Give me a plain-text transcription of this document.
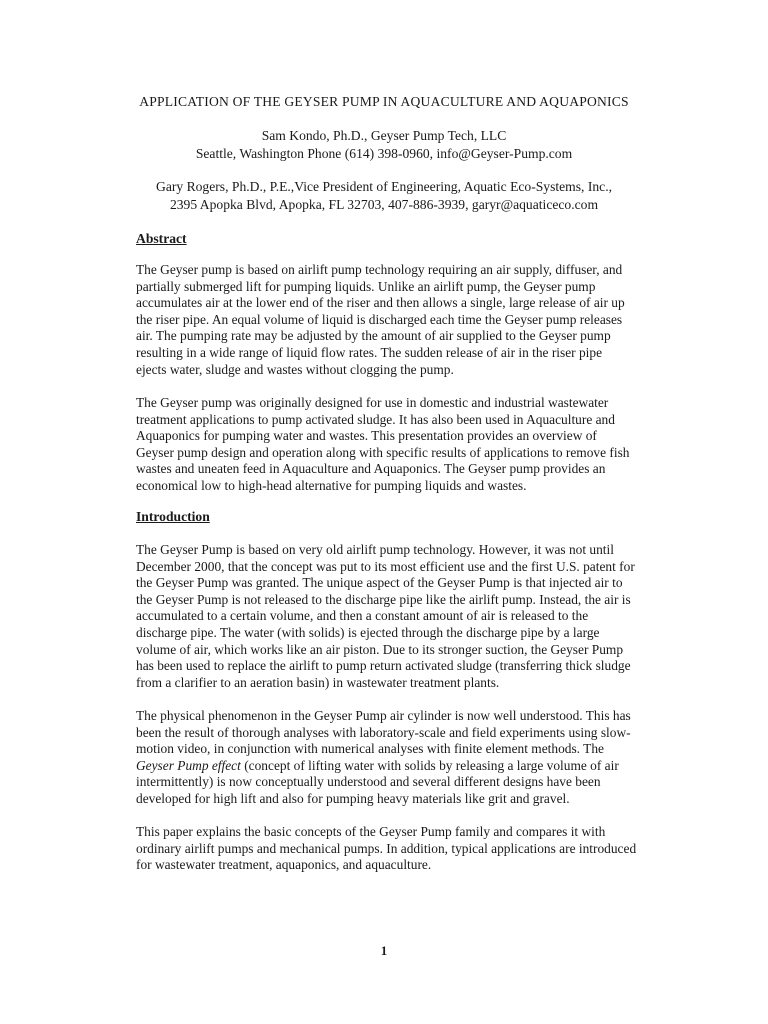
APPLICATION OF THE GEYSER PUMP IN AQUACULTURE AND AQUAPONICS

Sam Kondo, Ph.D., Geyser Pump Tech, LLC

Seattle, Washington Phone (614) 398-0960, info@Geyser-Pump.com

Gary Rogers, Ph.D., P.E.,Vice President of Engineering, Aquatic Eco-Systems, Inc.,

2395 Apopka Blvd, Apopka, FL 32703, 407-886-3939, garyr@aquaticeco.com

Abstract

The Geyser pump is based on airlift pump technology requiring an air supply, diffuser, and
partially submerged lift for pumping liquids. Unlike an airlift pump, the Geyser pump
accumulates air at the lower end of the riser and then allows a single, large release of air up
the riser pipe. An equal volume of liquid is discharged each time the Geyser pump releases
air. The pumping rate may be adjusted by the amount of air supplied to the Geyser pump
resulting in a wide range of liquid flow rates. The sudden release of air in the riser pipe
ejects water, sludge and wastes without clogging the pump.

The Geyser pump was originally designed for use in domestic and industrial wastewater
treatment applications to pump activated sludge. It has also been used in Aquaculture and
Aquaponics for pumping water and wastes. This presentation provides an overview of
Geyser pump design and operation along with specific results of applications to remove fish
wastes and uneaten feed in Aquaculture and Aquaponics. The Geyser pump provides an
economical low to high-head alternative for pumping liquids and wastes.

Introduction

The Geyser Pump is based on very old airlift pump technology. However, it was not until
December 2000, that the concept was put to its most efficient use and the first U.S. patent for
the Geyser Pump was granted. The unique aspect of the Geyser Pump is that injected air to
the Geyser Pump is not released to the discharge pipe like the airlift pump. Instead, the air is
accumulated to a certain volume, and then a constant amount of air is released to the
discharge pipe. The water (with solids) is ejected through the discharge pipe by a large
volume of air, which works like an air piston. Due to its stronger suction, the Geyser Pump
has been used to replace the airlift to pump return activated sludge (transferring thick sludge
from a clarifier to an aeration basin) in wastewater treatment plants.

The physical phenomenon in the Geyser Pump air cylinder is now well understood. This has
been the result of thorough analyses with laboratory-scale and field experiments using slow-
motion video, in conjunction with numerical analyses with finite element methods. The
Geyser Pump effect (concept of lifting water with solids by releasing a large volume of air
intermittently) is now conceptually understood and several different designs have been
developed for high lift and also for pumping heavy materials like grit and gravel.

This paper explains the basic concepts of the Geyser Pump family and compares it with
ordinary airlift pumps and mechanical pumps. In addition, typical applications are introduced
for wastewater treatment, aquaponics, and aquaculture.

1
